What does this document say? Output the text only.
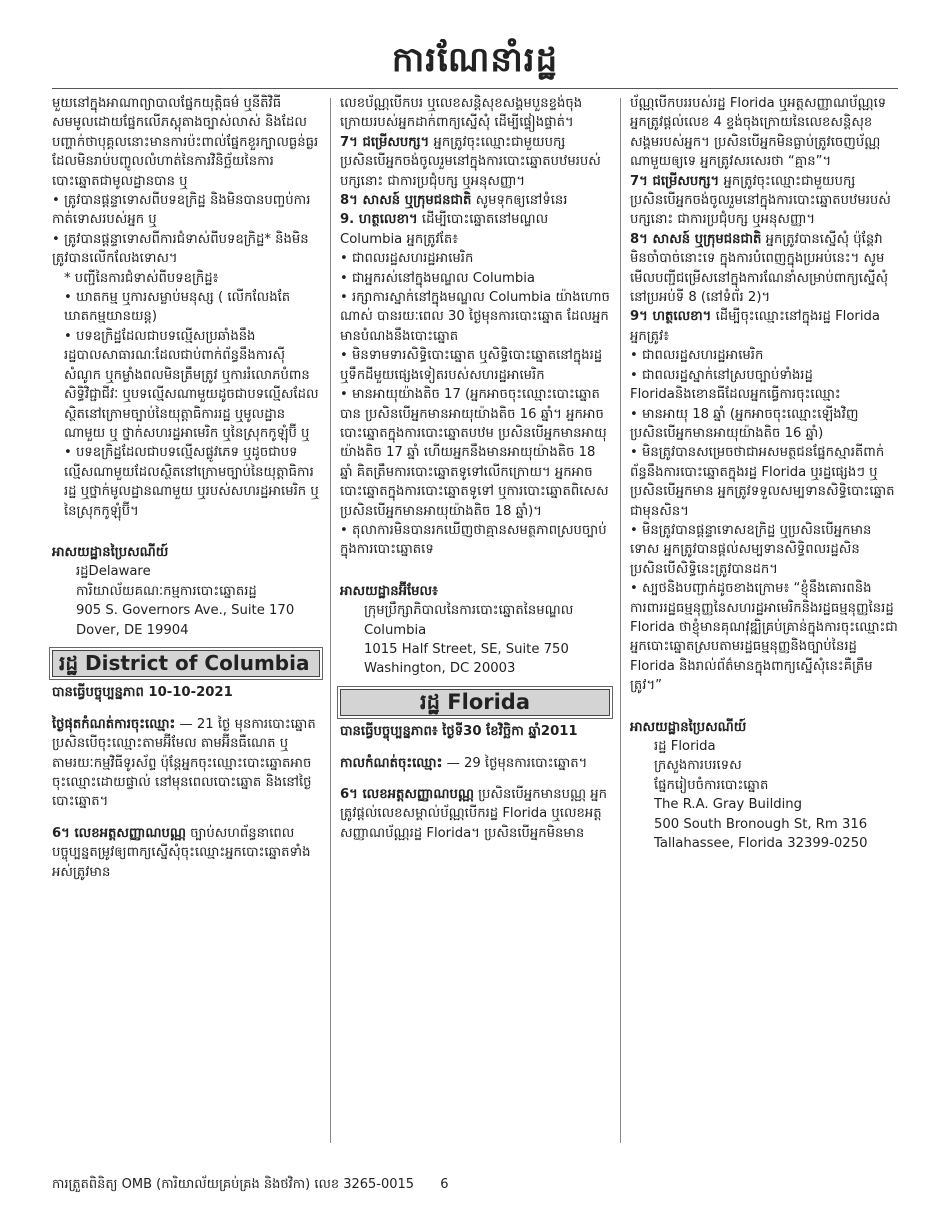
ការណែនាំរដ្ឋ

មួយនៅក្នុងអាណាព្យាបាលផ្នែកយុត្តិធម៌ ឬនីតិវិធីសមមូលដោយផ្នែកលើភស្តុតាងច្បាស់លាស់ និងដែលបញ្ហាក់ថាបុគ្គលនោះមានការប៉ះពាល់ផ្នែកខួរក្បាលធ្ងន់ធ្ងរដែលមិនរាប់បញ្ចូលលំហាត់នៃការវិនិច្ឆ័យនៃការបោះឆ្នោតជាមូលដ្ឋានបាន ឬ

• ត្រូវបានផ្តន្ទាទោសពីបទឧក្រិដ្ឋ និងមិនបានបញ្ចប់ការកាត់ទោសរបស់អ្នក ឬ

• ត្រូវបានផ្តន្ទាទោសពីការជំទាស់ពីបទឧក្រិដ្ឋ* និងមិនត្រូវបានលើកលែងទោស។

* បញ្ជីនៃការជំទាស់ពីបទឧក្រិដ្ឋ៖

• ឃាតកម្ម ឬការសម្លាប់មនុស្ស ( លើកលែងតែឃាតកម្មយានយន្ត)

• បទឧក្រិដ្ឋដែលជាបទល្មើសប្រឆាំងនឹងរដ្ឋបាលសាធារណៈដែលជាប់ពាក់ព័ន្ធនឹងការស៊ីសំណូក ឬកម្លាំងពលមិនត្រឹមត្រូវ ឬការរំលោភបំពានសិទ្ធិវិជ្ជាជីវៈ ឬបទល្មើសណាមួយដូចជាបទល្មើសដែលស្ថិតនៅក្រោមច្បាប់នៃយុត្តាធិការរដ្ឋ ឬមូលដ្ឋានណាមួយ ឬ ថ្នាក់សហរដ្ឋអាមេរិក ឬនៃស្រុកកូឡុំប៊ី ឬ

• បទឧក្រិដ្ឋដែលជាបទល្មើសផ្លូវភេទ ឬដូចជាបទល្មើសណាមួយដែលស្ថិតនៅក្រោមច្បាប់នៃយុត្តាធិការរដ្ឋ ឬថ្នាក់មូលដ្ឋានណាមួយ ឬរបស់សហរដ្ឋអាមេរិក ឬនៃស្រុកកូឡុំប៊ី។

អាសយដ្ឋានប្រៃសណីយ៍

រដ្ឋDelaware

ការិយាល័យគណៈកម្មការបោះឆ្នោតរដ្ឋ

905 S. Governors Ave., Suite 170

Dover, DE 19904

រដ្ឋ District of Columbia

បានធ្វើបច្ចុប្បន្នភាព 10-10-2021

ថ្ងៃផុតកំណត់ការចុះឈ្មោះ — 21 ថ្ងៃ មុនការបោះឆ្នោតប្រសិនបើចុះឈ្មោះតាមអ៊ីមែល តាមអ៊ីនធឺណេត ឬតាមរយៈកម្មវិធីទូរស័ព្ទ ប៉ុន្តែអ្នកចុះឈ្មោះបោះឆ្នោតអាចចុះឈ្មោះដោយផ្ទាល់ នៅមុនពេលបោះឆ្នោត និងនៅថ្ងៃបោះឆ្នោត។

6។ លេខអត្តសញ្ញាណបណ្ណ ច្បាប់សហព័ន្ធនាពេលបច្ចុប្បន្នតម្រូវឲ្យពាក្យស្នើសុំចុះឈ្មោះអ្នកបោះឆ្នោតទាំងអស់ត្រូវមាន

លេខប័ណ្ណបើកបរ ឬលេខសន្តិសុខសង្គមបួនខ្ទង់ចុងក្រោយរបស់អ្នកដាក់ពាក្យស្នើសុំ ដើម្បីផ្ទៀងផ្ទាត់។

7។ ជម្រើសបក្ស។ អ្នកត្រូវចុះឈ្មោះជាមួយបក្សប្រសិនបើអ្នកចង់ចូលរួមនៅក្នុងការបោះឆ្នោតបឋមរបស់បក្សនោះ ជាការប្រជុំបក្ស ឬអនុសញ្ញា។

8។ សាសន៍ ឬក្រុមជនជាតិ សូមទុកឲ្យនៅទំនេរ

9. ហត្ថលេខា។ ដើម្បីបោះឆ្នោតនៅមណ្ឌល Columbia អ្នកត្រូវតែ៖

• ជាពលរដ្ឋសហរដ្ឋអាមេរិក

• ជាអ្នករស់នៅក្នុងមណ្ឌល Columbia

• រក្សាការស្នាក់នៅក្នុងមណ្ឌល Columbia យ៉ាងហោចណាស់ បានរយៈពេល 30 ថ្ងៃមុនការបោះឆ្នោត ដែលអ្នកមានបំណងនឹងបោះឆ្នោត

• មិនទាមទារសិទ្ធិបោះឆ្នោត ឬសិទ្ធិបោះឆ្នោតនៅក្នុងរដ្ឋ ឬទឹកដីមួយផ្សេងទៀតរបស់សហរដ្ឋអាមេរិក

• មានអាយុយ៉ាងតិច 17 (អ្នកអាចចុះឈ្មោះបោះឆ្នោតបាន ប្រសិនបើអ្នកមានអាយុយ៉ាងតិច 16 ឆ្នាំ។ អ្នកអាចបោះឆ្នោតក្នុងការបោះឆ្នោតបឋម ប្រសិនបើអ្នកមានអាយុយ៉ាងតិច 17 ឆ្នាំ ហើយអ្នកនឹងមានអាយុយ៉ាងតិច 18 ឆ្នាំ គិតត្រឹមការបោះឆ្នោតទូទៅលើកក្រោយ។ អ្នកអាចបោះឆ្នោតក្នុងការបោះឆ្នោតទូទៅ ឬការបោះឆ្នោតពិសេស ប្រសិនបើអ្នកមានអាយុយ៉ាងតិច 18 ឆ្នាំ)។

• តុលាការមិនបានរកឃើញថាគ្មានសមត្ថភាពស្របច្បាប់ក្នុងការបោះឆ្នោតទេ

អាសយដ្ឋានអ៊ីមែល៖

ក្រុមប្រឹក្សាភិបាលនៃការបោះឆ្នោតនៃមណ្ឌល Columbia

1015 Half Street, SE, Suite 750

Washington, DC 20003

រដ្ឋ Florida

បានធ្វើបច្ចុប្បន្នភាព៖ ថ្ងៃទី30 ខែវិច្ឆិកា ឆ្នាំ2011

កាលកំណត់ចុះឈ្មោះ — 29 ថ្ងៃមុនការបោះឆ្នោត។

6។ លេខអត្តសញ្ញាណបណ្ណ ប្រសិនបើអ្នកមានបណ្ណ អ្នកត្រូវផ្តល់លេខសម្គាល់ប័ណ្ណបើករដ្ឋ Florida ឬលេខអត្តសញ្ញាណប័ណ្ណរដ្ឋ Florida។ ប្រសិនបើអ្នកមិនមាន

ប័ណ្ណបើកបររបស់រដ្ឋ Florida ឬអត្តសញ្ញាណប័ណ្ណទេ អ្នកត្រូវផ្តល់លេខ 4 ខ្ទង់ចុងក្រោយនៃលេខសន្តិសុខសង្គមរបស់អ្នក។ ប្រសិនបើអ្នកមិនធ្លាប់ត្រូវចេញប័ណ្ណណាមួយឲ្យទេ អ្នកត្រូវសរសេរថា “គ្មាន”។

7។ ជម្រើសបក្ស។ អ្នកត្រូវចុះឈ្មោះជាមួយបក្សប្រសិនបើអ្នកចង់ចូលរួមនៅក្នុងការបោះឆ្នោតបឋមរបស់បក្សនោះ ជាការប្រជុំបក្ស ឬអនុសញ្ញា។

8។ សាសន៍ ឬក្រុមជនជាតិ អ្នកត្រូវបានស្នើសុំ ប៉ុន្តែវាមិនចាំបាច់នោះទេ ក្នុងការបំពេញក្នុងប្រអប់នេះ។ សូមមើលបញ្ជីជម្រើសនៅក្នុងការណែនាំសម្រាប់ពាក្យស្នើសុំនៅប្រអប់ទី 8 (នៅទំព័រ 2)។

9។ ហត្ថលេខា។ ដើម្បីចុះឈ្មោះនៅក្នុងរដ្ឋ Florida អ្នកត្រូវ៖

• ជាពលរដ្ឋសហរដ្ឋអាមេរិក

• ជាពលរដ្ឋស្នាក់នៅស្របច្បាប់ទាំងរដ្ឋ Floridaនិងខោនធីដែលអ្នកធ្វើការចុះឈ្មោះ

• មានអាយុ 18 ឆ្នាំ (អ្នកអាចចុះឈ្មោះឡើងវិញ ប្រសិនបើអ្នកមានអាយុយ៉ាងតិច 16 ឆ្នាំ)

• មិនត្រូវបានសម្រេចថាជាអសមត្ថជនផ្នែកស្មារតីពាក់ព័ន្ធនឹងការបោះឆ្នោតក្នុងរដ្ឋ Florida ឬរដ្ឋផ្សេងៗ ឬប្រសិនបើអ្នកមាន អ្នកត្រូវទទួលសម្បទានសិទ្ធិបោះឆ្នោតជាមុនសិន។

• មិនត្រូវបានផ្តន្ទាទោសឧក្រិដ្ឋ ឬប្រសិនបើអ្នកមានទោស អ្នកត្រូវបានផ្តល់សម្បទានសិទ្ធិពលរដ្ឋសិនប្រសិនបើសិទ្ធិនេះត្រូវបានដក។

• ស្បថនិងបញ្ជាក់ដូចខាងក្រោម៖ “ខ្ញុំនឹងគោរពនិងការពាររដ្ឋធម្មនុញ្ញនៃសហរដ្ឋអាមេរិកនិងរដ្ឋធម្មនុញ្ញនៃរដ្ឋ Florida ថាខ្ញុំមានគុណវុឌ្ឍិគ្រប់គ្រាន់ក្នុងការចុះឈ្មោះជាអ្នកបោះឆ្នោតស្របតាមរដ្ឋធម្មនុញ្ញនិងច្បាប់នៃរដ្ឋ Florida និងរាល់ព័ត៌មានក្នុងពាក្យស្នើសុំនេះគឺត្រឹមត្រូវ។”

អាសយដ្ឋានប្រៃសណីយ៍

រដ្ឋ Florida

ក្រសួងការបរទេស

ផ្នែករៀបចំការបោះឆ្នោត

The R.A. Gray Building

500 South Bronough St, Rm 316

Tallahassee, Florida 32399-0250

ការត្រួតពិនិត្យ OMB (ការិយាល័យគ្រប់គ្រង និងថវិកា) លេខ 3265-0015 6
